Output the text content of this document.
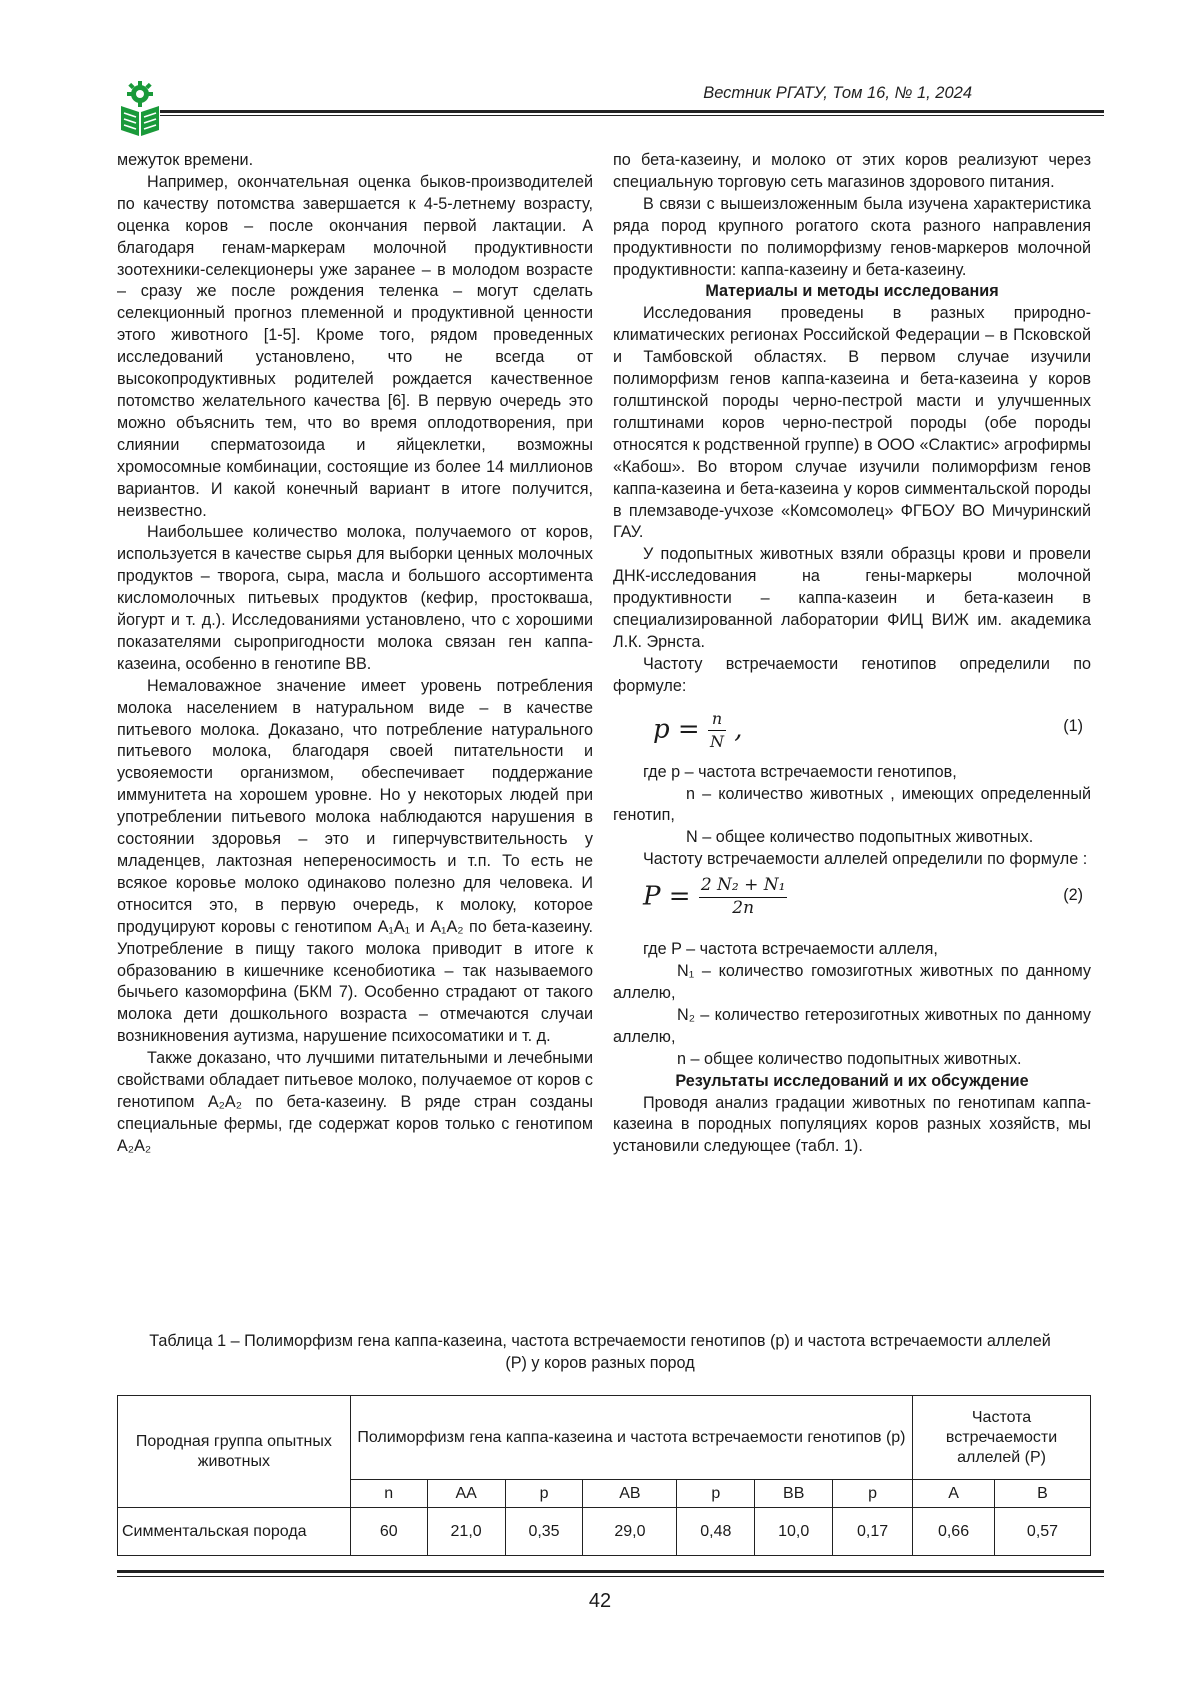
Вестник РГАТУ, Том 16, № 1, 2024

межуток времени.

Например, окончательная оценка быков-производителей по качеству потомства завершается к 4-5-летнему возрасту, оценка коров – после окончания первой лактации. А благодаря генам-маркерам молочной продуктивности зоотехники-селекционеры уже заранее – в молодом возрасте – сразу же после рождения теленка – могут сделать селекционный прогноз племенной и продуктивной ценности этого животного [1-5]. Кроме того, рядом проведенных исследований установлено, что не всегда от высокопродуктивных родителей рождается качественное потомство желательного качества [6]. В первую очередь это можно объяснить тем, что во время оплодотворения, при слиянии сперматозоида и яйцеклетки, возможны хромосомные комбинации, состоящие из более 14 миллионов вариантов. И какой конечный вариант в итоге получится, неизвестно.

Наибольшее количество молока, получаемого от коров, используется в качестве сырья для выборки ценных молочных продуктов – творога, сыра, масла и большого ассортимента кисломолочных питьевых продуктов (кефир, простокваша, йогурт и т. д.). Исследованиями установлено, что с хорошими показателями сыропригодности молока связан ген каппа-казеина, особенно в генотипе BB.

Немаловажное значение имеет уровень потребления молока населением в натуральном виде – в качестве питьевого молока. Доказано, что потребление натурального питьевого молока, благодаря своей питательности и усвояемости организмом, обеспечивает поддержание иммунитета на хорошем уровне. Но у некоторых людей при употреблении питьевого молока наблюдаются нарушения в состоянии здоровья – это и гиперчувствительность у младенцев, лактозная непереносимость и т.п. То есть не всякое коровье молоко одинаково полезно для человека. И относится это, в первую очередь, к молоку, которое продуцируют коровы с генотипом А₁А₁ и А₁А₂ по бета-казеину. Употребление в пищу такого молока приводит в итоге к образованию в кишечнике ксенобиотика – так называемого бычьего казоморфина (БКМ 7). Особенно страдают от такого молока дети дошкольного возраста – отмечаются случаи возникновения аутизма, нарушение психосоматики и т. д.

Также доказано, что лучшими питательными и лечебными свойствами обладает питьевое молоко, получаемое от коров с генотипом А₂А₂ по бета-казеину. В ряде стран созданы специальные фермы, где содержат коров только с генотипом А₂А₂

по бета-казеину, и молоко от этих коров реализуют через специальную торговую сеть магазинов здорового питания.

В связи с вышеизложенным была изучена характеристика ряда пород крупного рогатого скота разного направления продуктивности по полиморфизму генов-маркеров молочной продуктивности: каппа-казеину и бета-казеину.

Материалы и методы исследования

Исследования проведены в разных природно-климатических регионах Российской Федерации – в Псковской и Тамбовской областях. В первом случае изучили полиморфизм генов каппа-казеина и бета-казеина у коров голштинской породы черно-пестрой масти и улучшенных голштинами коров черно-пестрой породы (обе породы относятся к родственной группе) в ООО «Слактис» агрофирмы «Кабош». Во втором случае изучили полиморфизм генов каппа-казеина и бета-казеина у коров симментальской породы в племзаводе-учхозе «Комсомолец» ФГБОУ ВО Мичуринский ГАУ.

У подопытных животных взяли образцы крови и провели ДНК-исследования на гены-маркеры молочной продуктивности – каппа-казеин и бета-казеин в специализированной лаборатории ФИЦ ВИЖ им. академика Л.К. Эрнста.

Частоту встречаемости генотипов определили по формуле:

$p = \frac{n}{N}$ ,	(1)

где p – частота встречаемости генотипов,

n – количество животных , имеющих определенный генотип,

N – общее количество подопытных животных.

Частоту встречаемости аллелей определили по формуле :

$P = \frac{\text{2 N₂ + N₁}}{2n}$	(2)

где P – частота встречаемости аллеля,

N₁ – количество гомозиготных животных по данному аллелю,

N₂ – количество гетерозиготных животных по данному аллелю,

n – общее количество подопытных животных.

Результаты исследований и их обсуждение

Проводя анализ градации животных по генотипам каппа-казеина в породных популяциях коров разных хозяйств, мы установили следующее (табл. 1).

Таблица 1 – Полиморфизм гена каппа-казеина, частота встречаемости генотипов (p) и частота встречаемости аллелей (P) у коров разных пород
Породная группа опытных животных	Полиморфизм гена каппа-казеина и частота встречаемости генотипов (p)							Частота встречаемости аллелей (P)	
	n	AA	p	AB	p	BB	p	A	B
Симментальская порода	60	21,0	0,35	29,0	0,48	10,0	0,17	0,66	0,57
42
